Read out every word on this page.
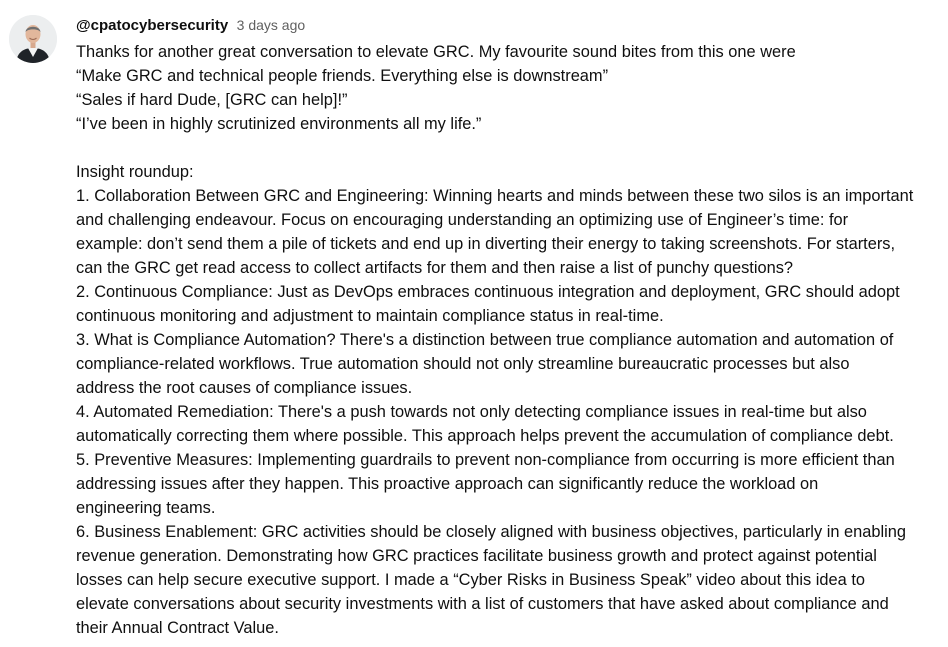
@cpatocybersecurity 3 days ago
Thanks for another great conversation to elevate GRC. My favourite sound bites from this one were
“Make GRC and technical people friends. Everything else is downstream”
“Sales if hard Dude, [GRC can help]!”
“I’ve been in highly scrutinized environments all my life.”
Insight roundup:
1. Collaboration Between GRC and Engineering: Winning hearts and minds between these two silos is an important
and challenging endeavour. Focus on encouraging understanding an optimizing use of Engineer’s time: for
example: don’t send them a pile of tickets and end up in diverting their energy to taking screenshots. For starters,
can the GRC get read access to collect artifacts for them and then raise a list of punchy questions?
2. Continuous Compliance: Just as DevOps embraces continuous integration and deployment, GRC should adopt
continuous monitoring and adjustment to maintain compliance status in real-time.
3. What is Compliance Automation? There's a distinction between true compliance automation and automation of
compliance-related workflows. True automation should not only streamline bureaucratic processes but also
address the root causes of compliance issues.
4. Automated Remediation: There's a push towards not only detecting compliance issues in real-time but also
automatically correcting them where possible. This approach helps prevent the accumulation of compliance debt.
5. Preventive Measures: Implementing guardrails to prevent non-compliance from occurring is more efficient than
addressing issues after they happen. This proactive approach can significantly reduce the workload on
engineering teams.
6. Business Enablement: GRC activities should be closely aligned with business objectives, particularly in enabling
revenue generation. Demonstrating how GRC practices facilitate business growth and protect against potential
losses can help secure executive support. I made a “Cyber Risks in Business Speak” video about this idea to
elevate conversations about security investments with a list of customers that have asked about compliance and
their Annual Contract Value.
